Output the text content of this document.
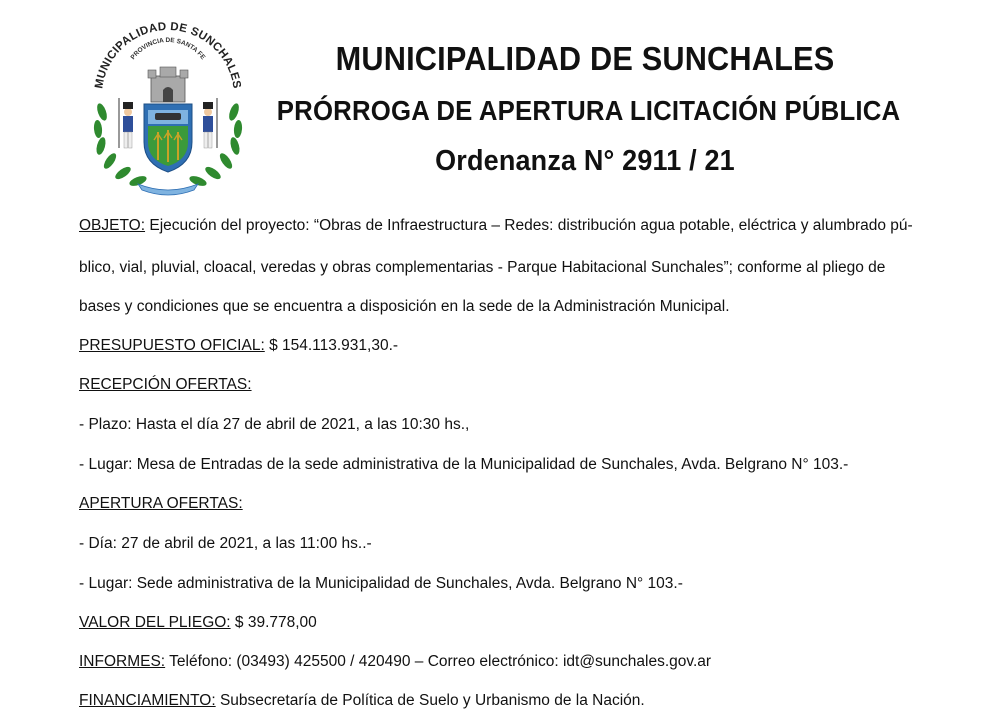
MUNICIPALIDAD DE SUNCHALES
PROVINCIA DE SANTA FE	MUNICIPALIDAD DE SUNCHALES
PRÓRROGA DE APERTURA LICITACIÓN PÚBLICA
Ordenanza N° 2911 / 21
OBJETO: Ejecución del proyecto: “Obras de Infraestructura – Redes: distribución agua potable, eléctrica y alumbrado pú-
blico, vial, pluvial, cloacal, veredas y obras complementarias - Parque Habitacional Sunchales”; conforme al pliego de
bases y condiciones que se encuentra a disposición en la sede de la Administración Municipal.
PRESUPUESTO OFICIAL: $ 154.113.931,30.-
RECEPCIÓN OFERTAS:
- Plazo: Hasta el día 27 de abril de 2021, a las 10:30 hs.,
- Lugar: Mesa de Entradas de la sede administrativa de la Municipalidad de Sunchales, Avda. Belgrano N° 103.-
APERTURA OFERTAS:
- Día: 27 de abril de 2021, a las 11:00 hs..-
- Lugar: Sede administrativa de la Municipalidad de Sunchales, Avda. Belgrano N° 103.-
VALOR DEL PLIEGO: $ 39.778,00
INFORMES: Teléfono: (03493) 425500 / 420490 – Correo electrónico: idt@sunchales.gov.ar
FINANCIAMIENTO: Subsecretaría de Política de Suelo y Urbanismo de la Nación.
